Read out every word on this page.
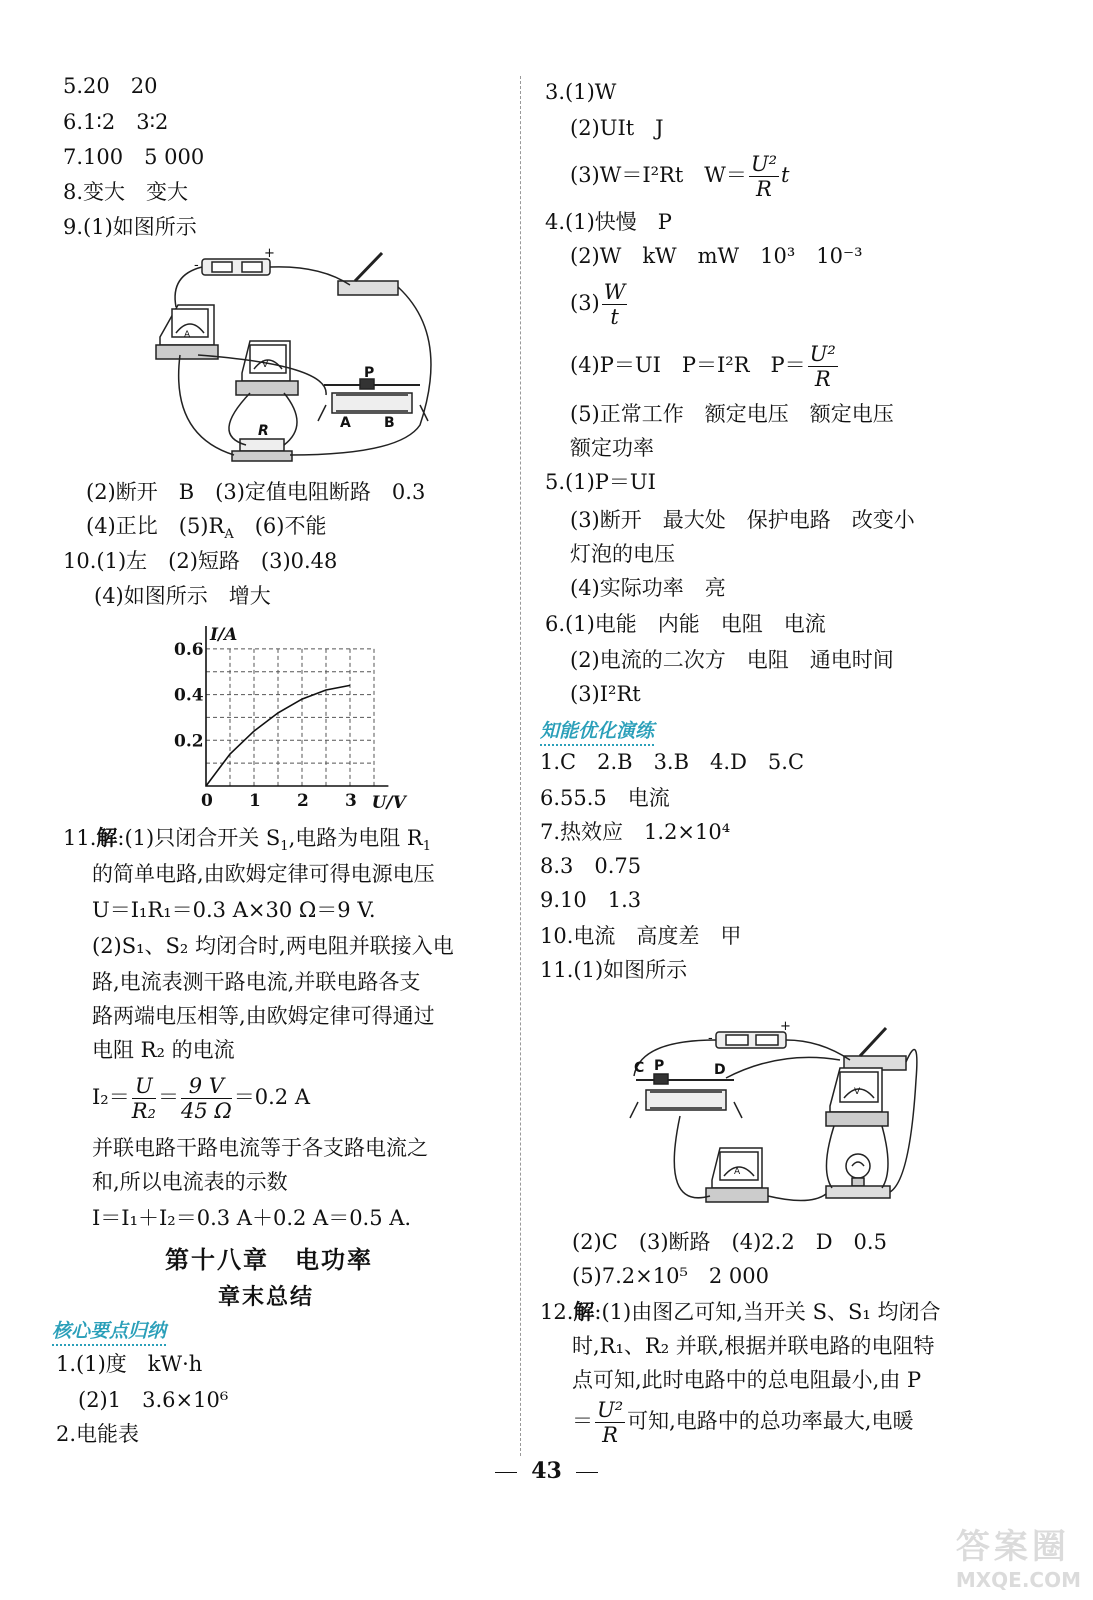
5.20　20
6.1∶2　3∶2
7.100　5 000
8.变大　变大
9.(1)如图所示
A
V
R
P
A B
+
-
(2)断开　B　(3)定值电阻断路　0.3
(4)正比　$(5)R_A$　(6)不能
10.(1)左　(2)短路　(3)0.48
(4)如图所示　增大
0 1 2 3
0.2
0.4
0.6
I/A
U/V
11.解:(1)只闭合开关 $S_1$,电路为电阻 $R_1$
的简单电路,由欧姆定律可得电源电压
U＝I₁R₁＝0.3 A×30 Ω＝9 V.
(2)S₁、S₂ 均闭合时,两电阻并联接入电
路,电流表测干路电流,并联电路各支
路两端电压相等,由欧姆定律可得通过
电阻 R₂ 的电流
$I_2= \frac{U}{\text{R₂}} = \frac{9 V}{45 \Omega} =0.2$ A
并联电路干路电流等于各支路电流之
和,所以电流表的示数
I＝I₁＋I₂＝0.3 A＋0.2 A＝0.5 A.
第十八章　电功率
章末总结
核心要点归纳
1.(1)度　kW·h
(2)1　3.6×10⁶
2.电能表
3.(1)W
(2)UIt　J
(3)W＝I²Rt　$W= \frac{\text{U²}}{R}$ t
4.(1)快慢　P
(2)W　kW　mW　10³　10⁻³
$(3) \frac{W}{t}$
(4)P＝UI　P＝I²R　$P= \frac{\text{U²}}{R}$
(5)正常工作　额定电压　额定电压
额定功率
5.(1)P＝UI
(3)断开　最大处　保护电路　改变小
灯泡的电压
(4)实际功率　亮
6.(1)电能　内能　电阻　电流
(2)电流的二次方　电阻　通电时间
(3)I²Rt
知能优化演练
1.C　2.B　3.B　4.D　5.C
6.55.5　电流
7.热效应　1.2×10⁴
8.3　0.75
9.10　1.3
10.电流　高度差　甲
11.(1)如图所示
V
A
C P	D
+
-
(2)C　(3)断路　(4)2.2　D　0.5
(5)7.2×10⁵　2 000
12.解:(1)由图乙可知,当开关 S、S₁ 均闭合
时,R₁、R₂ 并联,根据并联电路的电阻特
点可知,此时电路中的总电阻最小,由 P
＝ $\frac{\text{U²}}{R}$ 可知,电路中的总功率最大,电暖
43
答案圈
MXQE.COM
